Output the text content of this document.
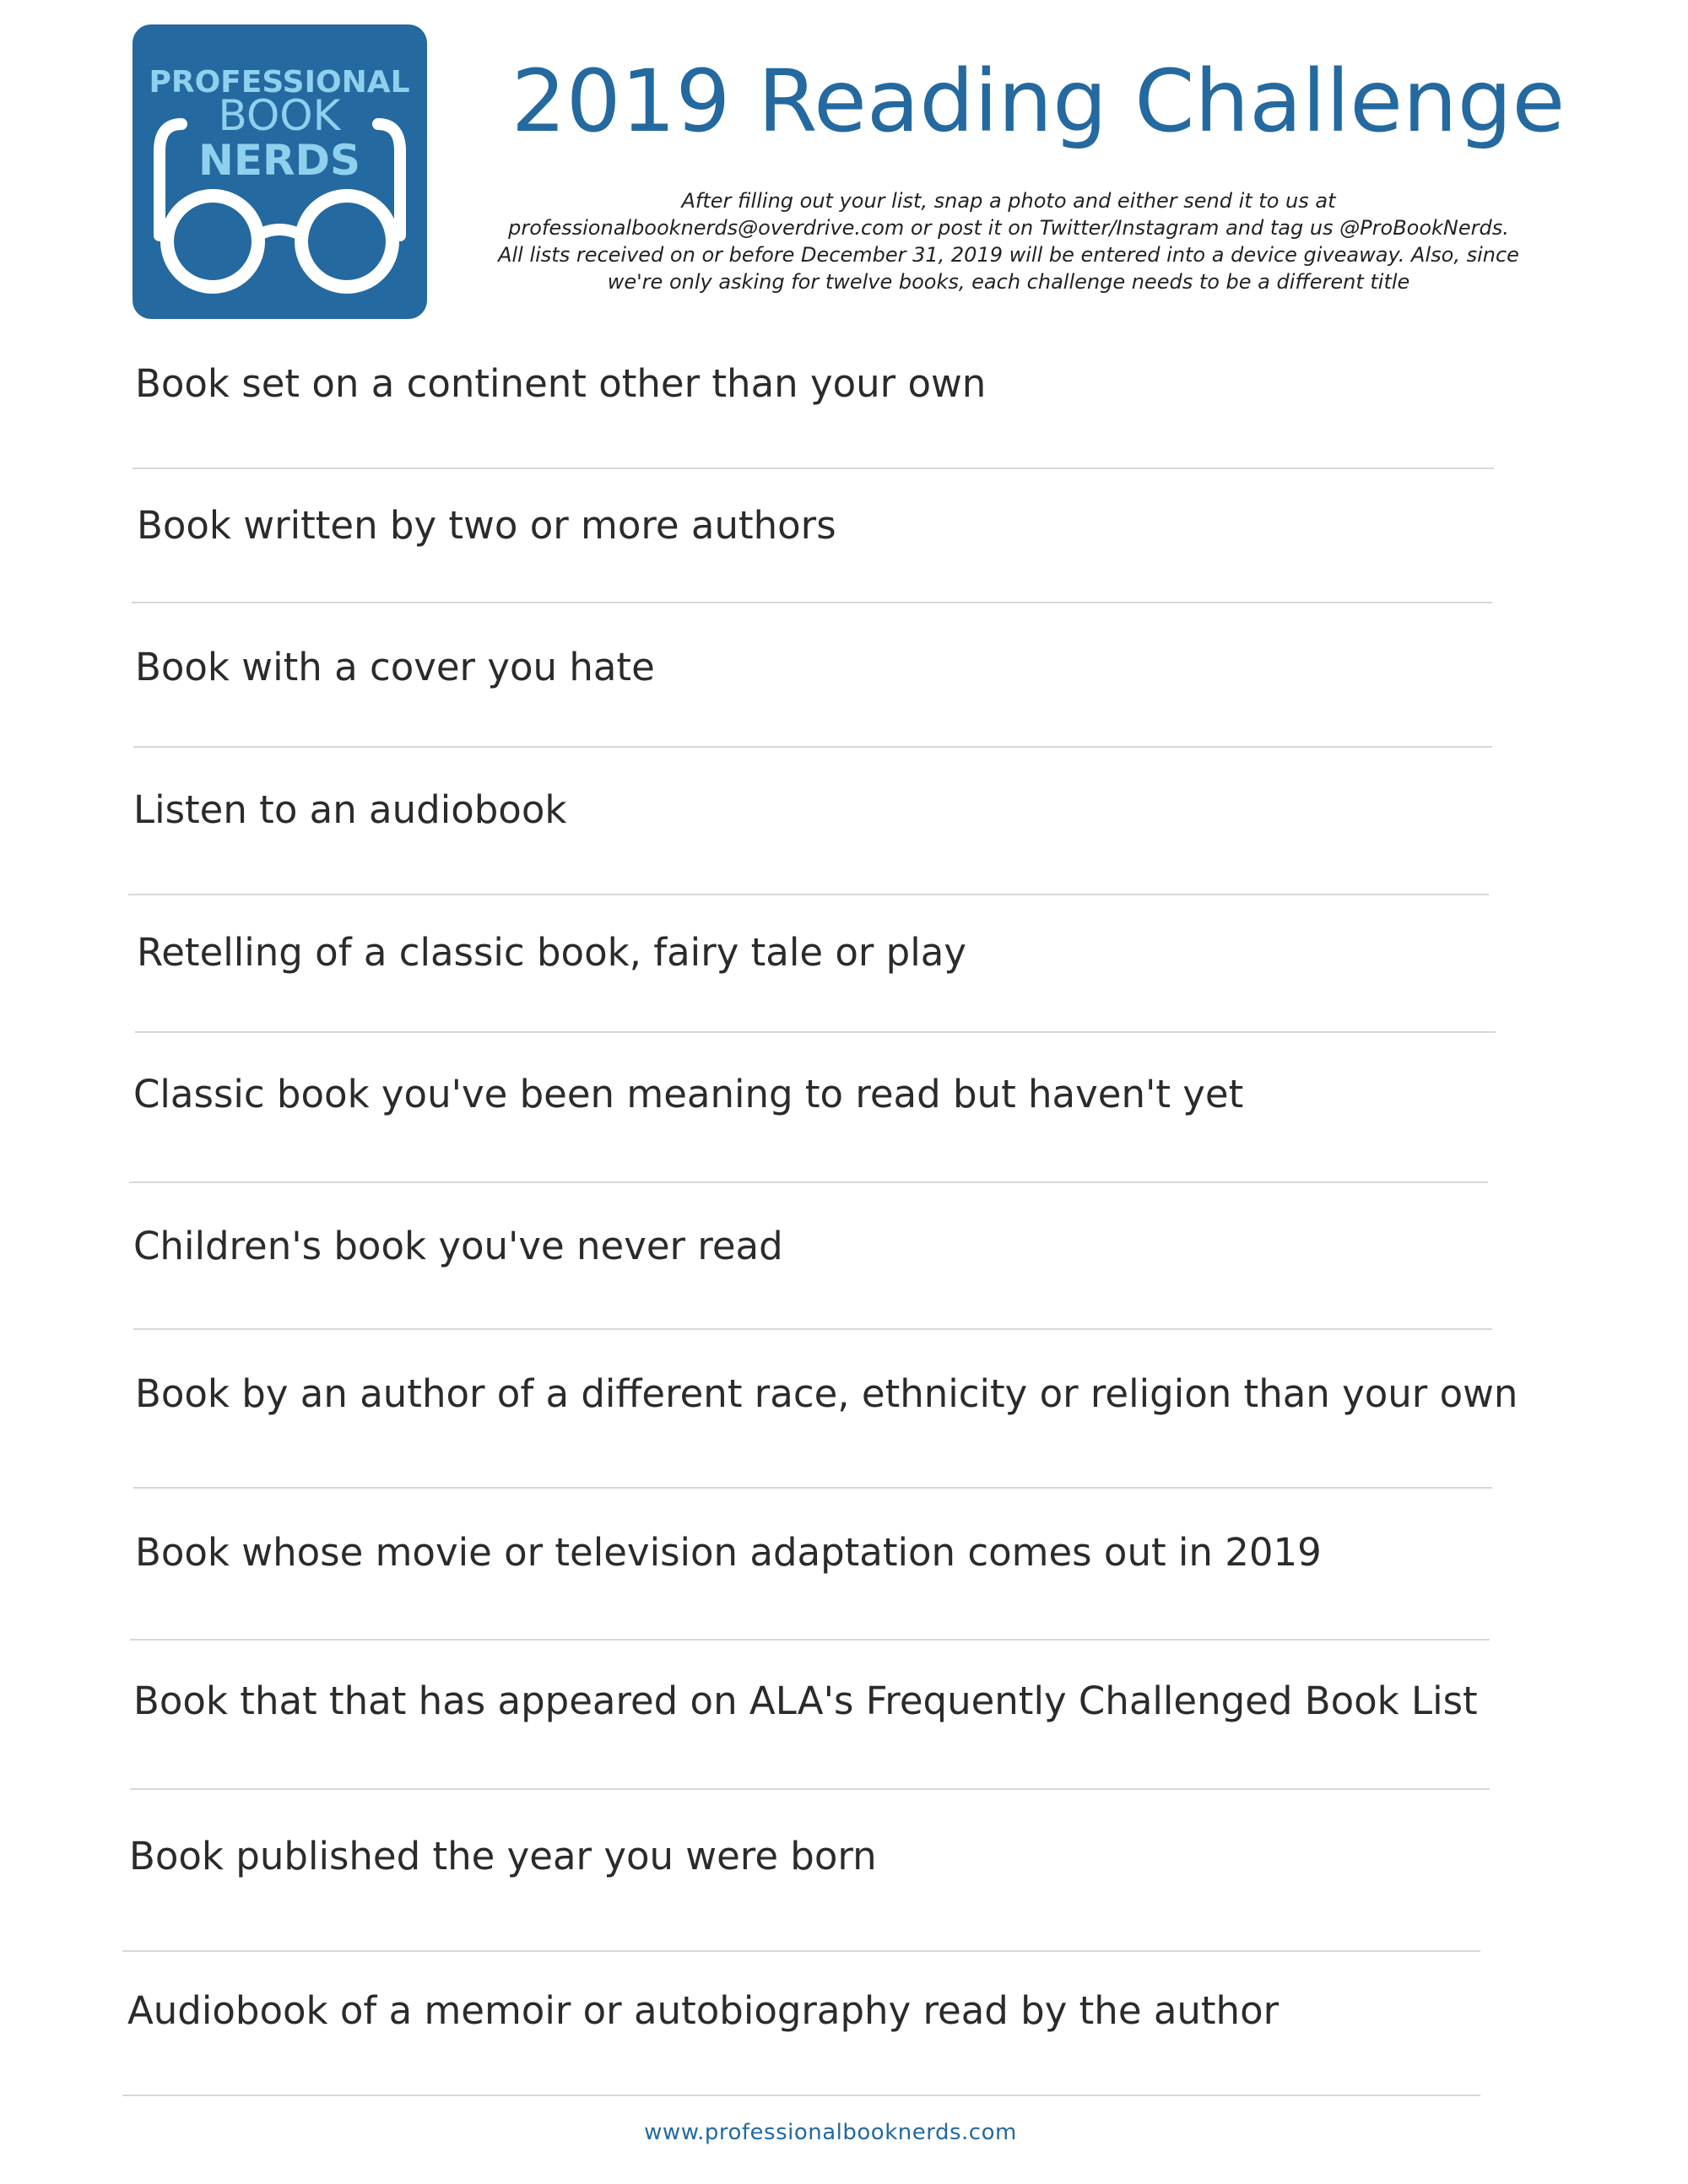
PROFESSIONAL
BOOK
NERDS
2019 Reading Challenge
After filling out your list, snap a photo and either send it to us at
professionalbooknerds@overdrive.com or post it on Twitter/Instagram and tag us @ProBookNerds.
All lists received on or before December 31, 2019 will be entered into a device giveaway. Also, since
we're only asking for twelve books, each challenge needs to be a different title
Book set on a continent other than your own
Book written by two or more authors
Book with a cover you hate
Listen to an audiobook
Retelling of a classic book, fairy tale or play
Classic book you've been meaning to read but haven't yet
Children's book you've never read
Book by an author of a different race, ethnicity or religion than your own
Book whose movie or television adaptation comes out in 2019
Book that that has appeared on ALA's Frequently Challenged Book List
Book published the year you were born
Audiobook of a memoir or autobiography read by the author
www.professionalbooknerds.com
